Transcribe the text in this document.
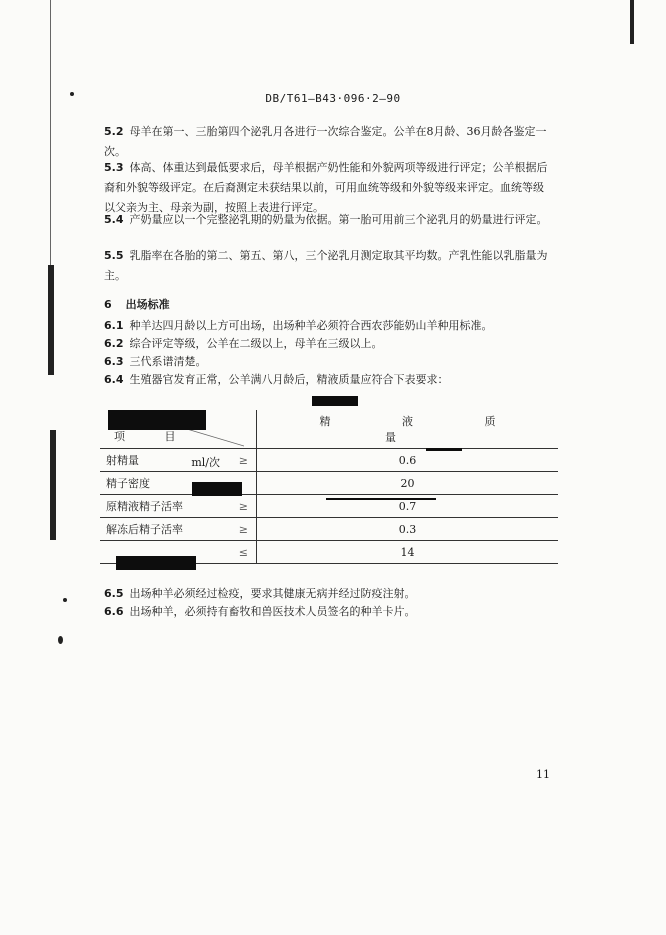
DB/T61—B43·096·2—90
5.2 母羊在第一、三胎第四个泌乳月各进行一次综合鉴定。公羊在8月龄、36月龄各鉴定一次。
5.3 体高、体重达到最低要求后，母羊根据产奶性能和外貌两项等级进行评定；公羊根据后裔和外貌等级评定。在后裔测定未获结果以前，可用血统等级和外貌等级来评定。血统等级以父亲为主、母亲为副，按照上表进行评定。
5.4 产奶量应以一个完整泌乳期的奶量为依据。第一胎可用前三个泌乳月的奶量进行评定。
5.5 乳脂率在各胎的第二、第五、第八，三个泌乳月测定取其平均数。产乳性能以乳脂量为主。
6 出场标准
6.1 种羊达四月龄以上方可出场，出场种羊必须符合西农莎能奶山羊种用标准。
6.2 综合评定等级，公羊在二级以上，母羊在三级以上。
6.3 三代系谱清楚。
6.4 生殖器官发育正常，公羊满八月龄后，精液质量应符合下表要求：
项 目	精 液 质 量
射精量 ml/次 ≥	0.6
精子密度	20
原精液精子活率 ≥	0.7
解冻后精子活率 ≥	0.3

≤	14
6.5 出场种羊必须经过检疫，要求其健康无病并经过防疫注射。
6.6 出场种羊，必须持有畜牧和兽医技术人员签名的种羊卡片。
11
